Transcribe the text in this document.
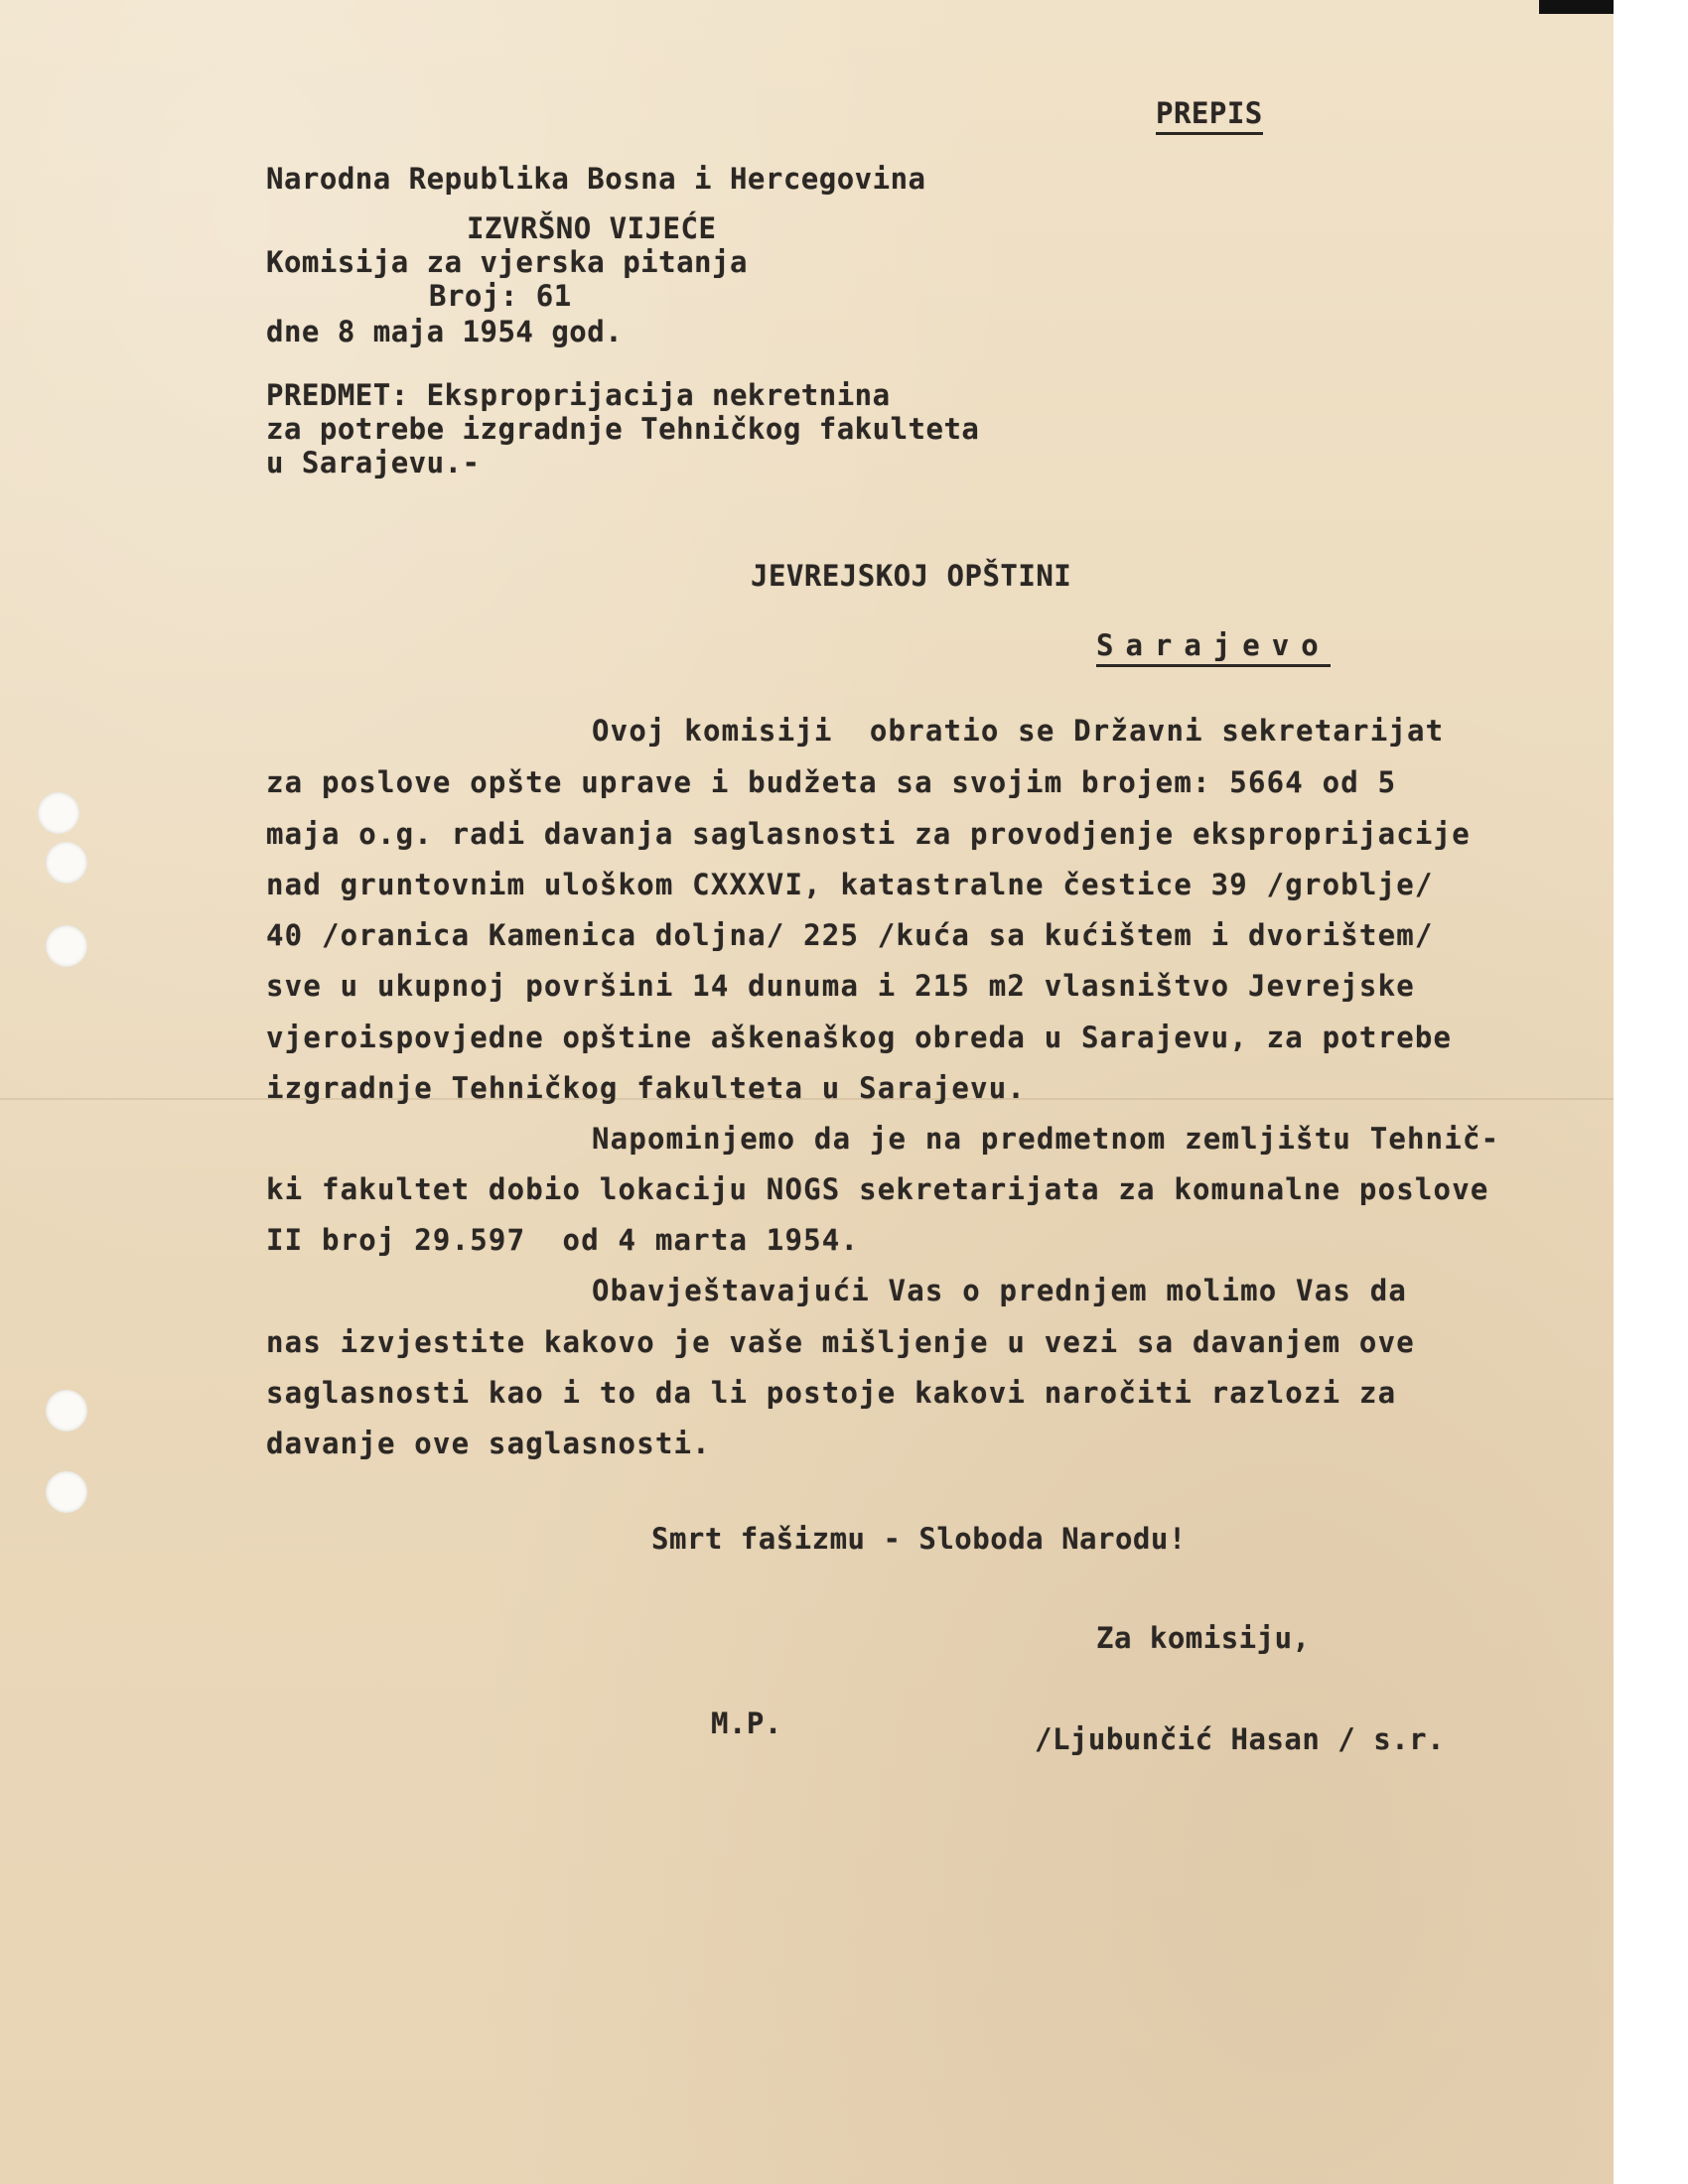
PREPIS

Narodna Republika Bosna i Hercegovina

IZVRŠNO VIJEĆE

Komisija za vjerska pitanja

Broj: 61

dne 8 maja 1954 god.

PREDMET: Eksproprijacija nekretnina

za potrebe izgradnje Tehničkog fakulteta

u Sarajevu.-

JEVREJSKOJ OPŠTINI

Sarajevo

Ovoj komisiji  obratio se Državni sekretarijat

za poslove opšte uprave i budžeta sa svojim brojem: 5664 od 5

maja o.g. radi davanja saglasnosti za provodjenje eksproprijacije

nad gruntovnim uloškom CXXXVI, katastralne čestice 39 /groblje/

40 /oranica Kamenica doljna/ 225 /kuća sa kućištem i dvorištem/

sve u ukupnoj površini 14 dunuma i 215 m2 vlasništvo Jevrejske

vjeroispovjedne opštine aškenaškog obreda u Sarajevu, za potrebe

izgradnje Tehničkog fakulteta u Sarajevu.

Napominjemo da je na predmetnom zemljištu Tehnič-

ki fakultet dobio lokaciju NOGS sekretarijata za komunalne poslove

II broj 29.597  od 4 marta 1954.

Obavještavajući Vas o prednjem molimo Vas da

nas izvjestite kakovo je vaše mišljenje u vezi sa davanjem ove

saglasnosti kao i to da li postoje kakovi naročiti razlozi za

davanje ove saglasnosti.

Smrt fašizmu - Sloboda Narodu!

Za komisiju,

M.P.	/Ljubunčić Hasan / s.r.
